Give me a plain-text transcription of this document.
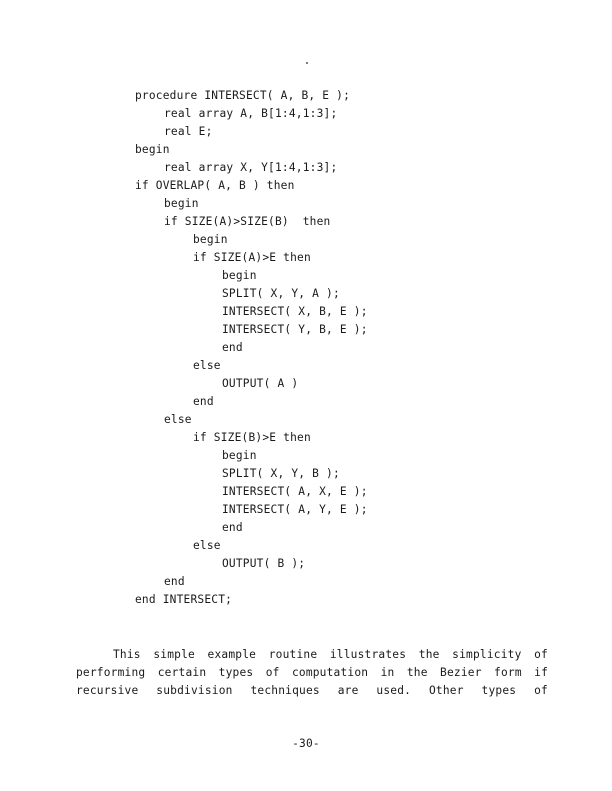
procedure INTERSECT( A, B, E );
real array A, B[1:4,1:3];
real E;
begin
real array X, Y[1:4,1:3];
if OVERLAP( A, B ) then
begin
if SIZE(A)>SIZE(B)  then
begin
if SIZE(A)>E then
begin
SPLIT( X, Y, A );
INTERSECT( X, B, E );
INTERSECT( Y, B, E );
end
else
OUTPUT( A )
end
else
if SIZE(B)>E then
begin
SPLIT( X, Y, B );
INTERSECT( A, X, E );
INTERSECT( A, Y, E );
end
else
OUTPUT( B );
end
end INTERSECT;
This simple example routine illustrates the simplicity of
performing certain types of computation in the Bezier form if
recursive subdivision techniques are used. Other types of
-30-
